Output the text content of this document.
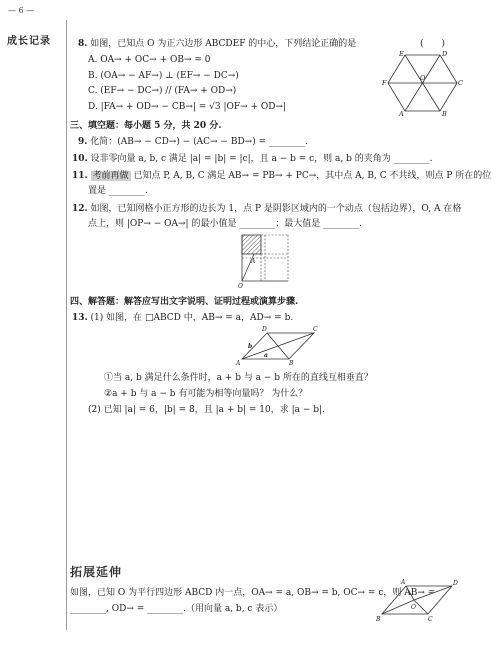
— 6 —
成长记录	8. 如图，已知点 O 为正六边形 ABCDEF 的中心，下列结论正确的是	(　　)
A. OA→ + OC→ + OB→ = 0
B. (OA→ − AF→) ⊥ (EF→ − DC→)
C. (EF→ − DC→) // (FA→ + OD→)
D. |FA→ + OD→ − CB→| = √3 |OF→ + OD→|
E	D
F
O
C
A	B
三、填空题：每小题 5 分，共 20 分.
9. 化简：(AB→ − CD→) − (AC→ − BD→) = ________.
10. 设非零向量 a, b, c 满足 |a| = |b| = |c|，且 a − b = c，则 a, b 的夹角为 ________.
11. 考前再做 已知点 P, A, B, C 满足 AB→ = PB→ + PC→，其中点 A, B, C 不共线，则点 P 所在的位
置是 ________.
12. 如图，已知网格小正方形的边长为 1，点 P 是阴影区域内的一个动点（包括边界），O, A 在格
点上，则 |OP→ − OA→| 的最小值是 ________；最大值是 ________.
A
O
四、解答题：解答应写出文字说明、证明过程或演算步骤.
13. (1) 如图，在 □ABCD 中，AB→ = a，AD→ = b.
D	C
A	B
b
a
①当 a, b 满足什么条件时，a + b 与 a − b 所在的直线互相垂直？
②a + b 与 a − b 有可能为相等向量吗？ 为什么？
(2) 已知 |a| = 6，|b| = 8，且 |a + b| = 10，求 |a − b|.
拓展延伸
如图，已知 O 为平行四边形 ABCD 内一点，OA→ = a, OB→ = b, OC→ = c，则 AB→ =
________, OD→ = ________.（用向量 a, b, c 表示）
A	D
O
B	C
